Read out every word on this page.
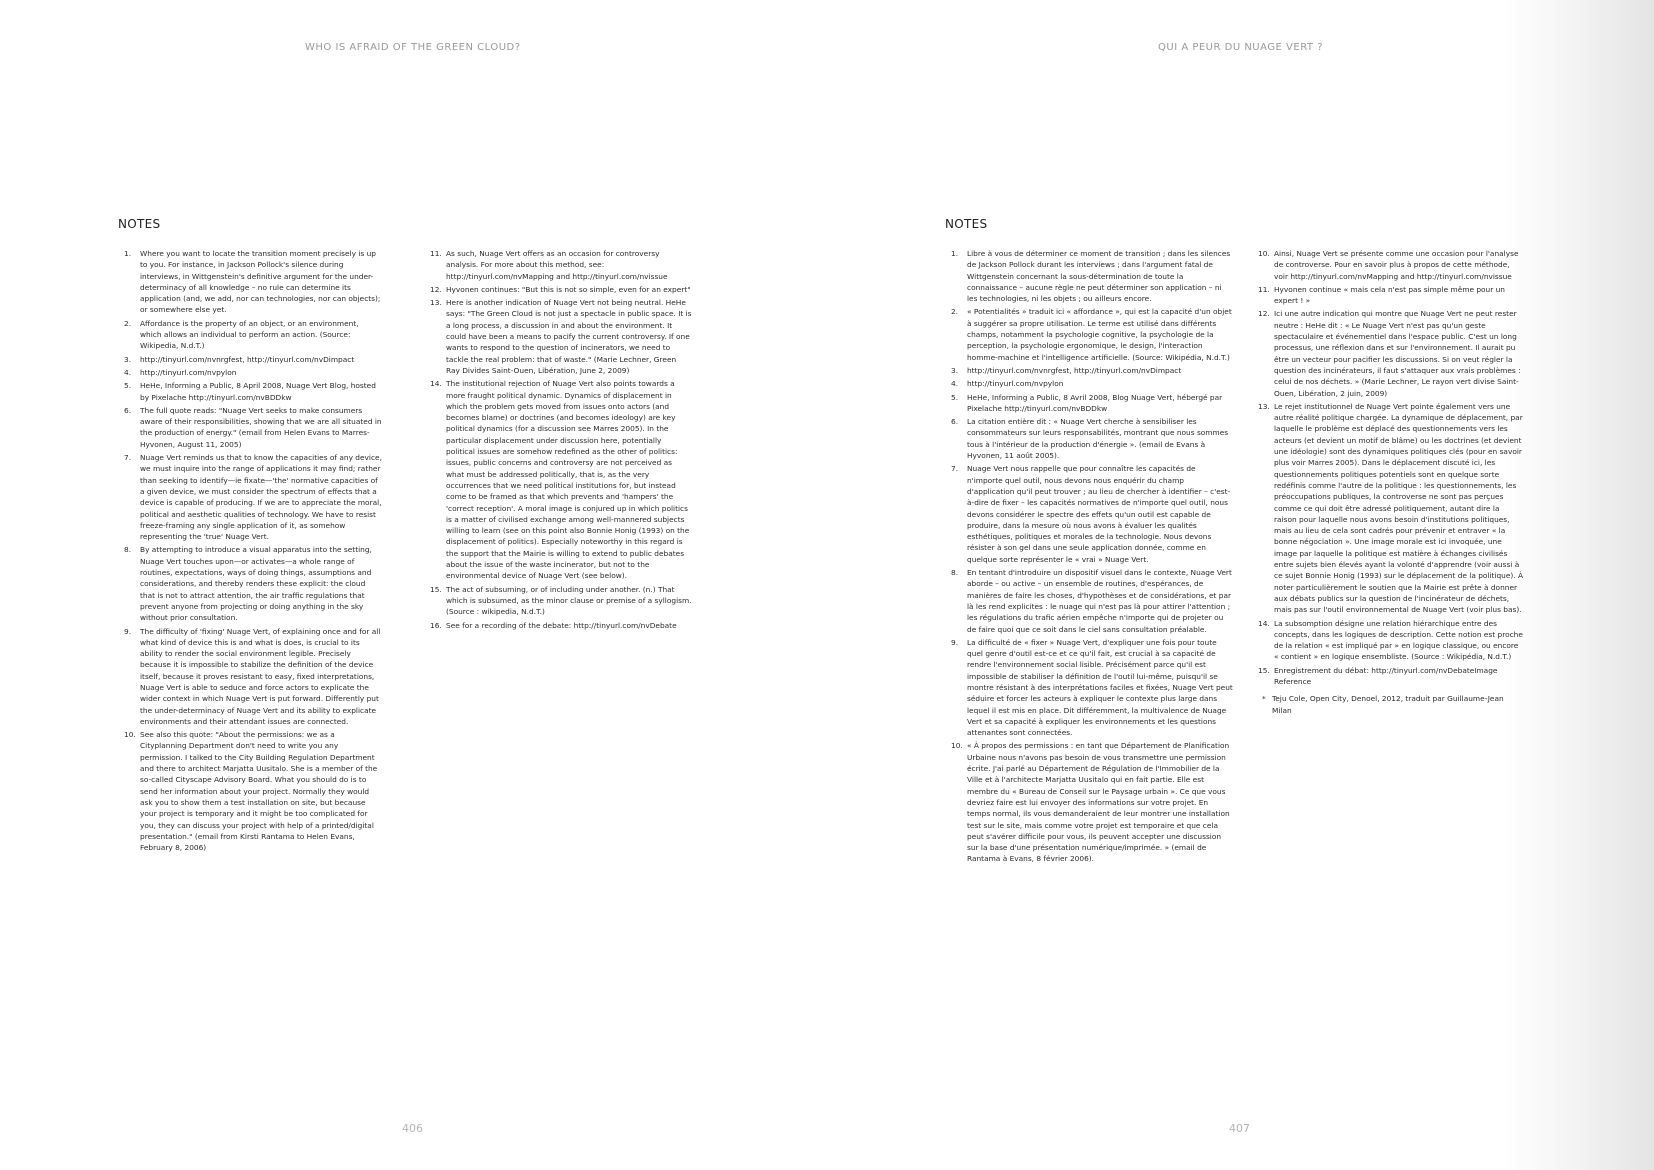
WHO IS AFRAID OF THE GREEN CLOUD?
NOTES
1.	Where you want to locate the transition moment precisely is up to you. For instance, in Jackson Pollock's silence during interviews, in Wittgenstein's definitive argument for the under-determinacy of all knowledge – no rule can determine its application (and, we add, nor can technologies, nor can objects); or somewhere else yet.
2.	Affordance is the property of an object, or an environment, which allows an individual to perform an action. (Source: Wikipedia, N.d.T.)
3.	http://tinyurl.com/nvnrgfest, http://tinyurl.com/nvDimpact
4.	http://tinyurl.com/nvpylon
5.	HeHe, Informing a Public, 8 April 2008, Nuage Vert Blog, hosted by Pixelache http://tinyurl.com/nvBDDkw
6.	The full quote reads: "Nuage Vert seeks to make consumers aware of their responsibilities, showing that we are all situated in the production of energy." (email from Helen Evans to Marres-Hyvonen, August 11, 2005)
7.	Nuage Vert reminds us that to know the capacities of any device, we must inquire into the range of applications it may find; rather than seeking to identify—ie fixate—'the' normative capacities of a given device, we must consider the spectrum of effects that a device is capable of producing. If we are to appreciate the moral, political and aesthetic qualities of technology. We have to resist freeze-framing any single application of it, as somehow representing the 'true' Nuage Vert.
8.	By attempting to introduce a visual apparatus into the setting, Nuage Vert touches upon—or activates—a whole range of routines, expectations, ways of doing things, assumptions and considerations, and thereby renders these explicit: the cloud that is not to attract attention, the air traffic regulations that prevent anyone from projecting or doing anything in the sky without prior consultation.
9.	The difficulty of 'fixing' Nuage Vert, of explaining once and for all what kind of device this is and what is does, is crucial to its ability to render the social environment legible. Precisely because it is impossible to stabilize the definition of the device itself, because it proves resistant to easy, fixed interpretations, Nuage Vert is able to seduce and force actors to explicate the wider context in which Nuage Vert is put forward. Differently put the under-determinacy of Nuage Vert and its ability to explicate environments and their attendant issues are connected.
10. See also this quote: "About the permissions: we as a Cityplanning Department don't need to write you any permission. I talked to the City Building Regulation Department and there to architect Marjatta Uusitalo. She is a member of the so-called Cityscape Advisory Board. What you should do is to send her information about your project. Normally they would ask you to show them a test installation on site, but because your project is temporary and it might be too complicated for you, they can discuss your project with help of a printed/digital presentation." (email from Kirsti Rantama to Helen Evans, February 8, 2006)
11. As such, Nuage Vert offers as an occasion for controversy analysis. For more about this method, see: http://tinyurl.com/nvMapping and http://tinyurl.com/nvissue
12. Hyvonen continues: "But this is not so simple, even for an expert"
13. Here is another indication of Nuage Vert not being neutral. HeHe says: "The Green Cloud is not just a spectacle in public space. It is a long process, a discussion in and about the environment. It could have been a means to pacify the current controversy. If one wants to respond to the question of incinerators, we need to tackle the real problem: that of waste." (Marie Lechner, Green Ray Divides Saint-Ouen, Libération, June 2, 2009)
14. The institutional rejection of Nuage Vert also points towards a more fraught political dynamic. Dynamics of displacement in which the problem gets moved from issues onto actors (and becomes blame) or doctrines (and becomes ideology) are key political dynamics (for a discussion see Marres 2005). In the particular displacement under discussion here, potentially political issues are somehow redefined as the other of politics: issues, public concerns and controversy are not perceived as what must be addressed politically, that is, as the very occurrences that we need political institutions for, but instead come to be framed as that which prevents and 'hampers' the 'correct reception'. A moral image is conjured up in which politics is a matter of civilised exchange among well-mannered subjects willing to learn (see on this point also Bonnie Honig (1993) on the displacement of politics). Especially noteworthy in this regard is the support that the Mairie is willing to extend to public debates about the issue of the waste incinerator, but not to the environmental device of Nuage Vert (see below).
15. The act of subsuming, or of including under another. (n.) That which is subsumed, as the minor clause or premise of a syllogism. (Source : wikipedia, N.d.T.)
16. See for a recording of the debate: http://tinyurl.com/nvDebate
406
QUI A PEUR DU NUAGE VERT ?
NOTES
1.	Libre à vous de déterminer ce moment de transition ; dans les silences de Jackson Pollock durant les interviews ; dans l'argument fatal de Wittgenstein concernant la sous-détermination de toute la connaissance – aucune règle ne peut déterminer son application – ni les technologies, ni les objets ; ou ailleurs encore.
2.	« Potentialités » traduit ici « affordance », qui est la capacité d'un objet à suggérer sa propre utilisation. Le terme est utilisé dans différents champs, notamment la psychologie cognitive, la psychologie de la perception, la psychologie ergonomique, le design, l'interaction homme-machine et l'intelligence artificielle. (Source: Wikipédia, N.d.T.)
3.	http://tinyurl.com/nvnrgfest, http://tinyurl.com/nvDimpact
4.	http://tinyurl.com/nvpylon
5.	HeHe, Informing a Public, 8 Avril 2008, Blog Nuage Vert, hébergé par Pixelache http://tinyurl.com/nvBDDkw
6.	La citation entière dit : « Nuage Vert cherche à sensibiliser les consommateurs sur leurs responsabilités, montrant que nous sommes tous à l'intérieur de la production d'énergie ». (email de Evans à Hyvonen, 11 août 2005).
7.	Nuage Vert nous rappelle que pour connaître les capacités de n'importe quel outil, nous devons nous enquérir du champ d'application qu'il peut trouver ; au lieu de chercher à identifier – c'est-à-dire de fixer – les capacités normatives de n'importe quel outil, nous devons considérer le spectre des effets qu'un outil est capable de produire, dans la mesure où nous avons à évaluer les qualités esthétiques, politiques et morales de la technologie. Nous devons résister à son gel dans une seule application donnée, comme en quelque sorte représenter le « vrai » Nuage Vert.
8.	En tentant d'introduire un dispositif visuel dans le contexte, Nuage Vert aborde – ou active – un ensemble de routines, d'espérances, de manières de faire les choses, d'hypothèses et de considérations, et par là les rend explicites : le nuage qui n'est pas là pour attirer l'attention ; les régulations du trafic aérien empêche n'importe qui de projeter ou de faire quoi que ce soit dans le ciel sans consultation préalable.
9.	La difficulté de « fixer » Nuage Vert, d'expliquer une fois pour toute quel genre d'outil est-ce et ce qu'il fait, est crucial à sa capacité de rendre l'environnement social lisible. Précisément parce qu'il est impossible de stabiliser la définition de l'outil lui-même, puisqu'il se montre résistant à des interprétations faciles et fixées, Nuage Vert peut séduire et forcer les acteurs à expliquer le contexte plus large dans lequel il est mis en place. Dit différemment, la multivalence de Nuage Vert et sa capacité à expliquer les environnements et les questions attenantes sont connectées.
10. « À propos des permissions : en tant que Département de Planification Urbaine nous n'avons pas besoin de vous transmettre une permission écrite. J'ai parlé au Département de Régulation de l'Immobilier de la Ville et à l'architecte Marjatta Uusitalo qui en fait partie. Elle est membre du « Bureau de Conseil sur le Paysage urbain ». Ce que vous devriez faire est lui envoyer des informations sur votre projet. En temps normal, ils vous demanderaient de leur montrer une installation test sur le site, mais comme votre projet est temporaire et que cela peut s'avérer difficile pour vous, ils peuvent accepter une discussion sur la base d'une présentation numérique/imprimée. » (email de Rantama à Evans, 8 février 2006).
10. Ainsi, Nuage Vert se présente comme une occasion pour l'analyse de controverse. Pour en savoir plus à propos de cette méthode, voir http://tinyurl.com/nvMapping and http://tinyurl.com/nvissue
11. Hyvonen continue « mais cela n'est pas simple même pour un expert ! »
12. Ici une autre indication qui montre que Nuage Vert ne peut rester neutre : HeHe dit : « Le Nuage Vert n'est pas qu'un geste spectaculaire et événementiel dans l'espace public. C'est un long processus, une réflexion dans et sur l'environnement. Il aurait pu être un vecteur pour pacifier les discussions. Si on veut régler la question des incinérateurs, il faut s'attaquer aux vrais problèmes : celui de nos déchets. » (Marie Lechner, Le rayon vert divise Saint-Ouen, Libération, 2 juin, 2009)
13. Le rejet institutionnel de Nuage Vert pointe également vers une autre réalité politique chargée. La dynamique de déplacement, par laquelle le problème est déplacé des questionnements vers les acteurs (et devient un motif de blâme) ou les doctrines (et devient une idéologie) sont des dynamiques politiques clés (pour en savoir plus voir Marres 2005). Dans le déplacement discuté ici, les questionnements politiques potentiels sont en quelque sorte redéfinis comme l'autre de la politique : les questionnements, les préoccupations publiques, la controverse ne sont pas perçues comme ce qui doit être adressé politiquement, autant dire la raison pour laquelle nous avons besoin d'institutions politiques, mais au lieu de cela sont cadrés pour prévenir et entraver « la bonne négociation ». Une image morale est ici invoquée, une image par laquelle la politique est matière à échanges civilisés entre sujets bien élevés ayant la volonté d'apprendre (voir aussi à ce sujet Bonnie Honig (1993) sur le déplacement de la politique). À noter particulièrement le soutien que la Mairie est prête à donner aux débats publics sur la question de l'incinérateur de déchets, mais pas sur l'outil environnemental de Nuage Vert (voir plus bas).
14. La subsomption désigne une relation hiérarchique entre des concepts, dans les logiques de description. Cette notion est proche de la relation « est impliqué par » en logique classique, ou encore « contient » en logique ensembliste. (Source : Wikipédia, N.d.T.)
15. Enregistrement du débat: http://tinyurl.com/nvDebateImage Reference
* Teju Cole, Open City, Denoel, 2012, traduit par Guillaume-Jean Milan
407
